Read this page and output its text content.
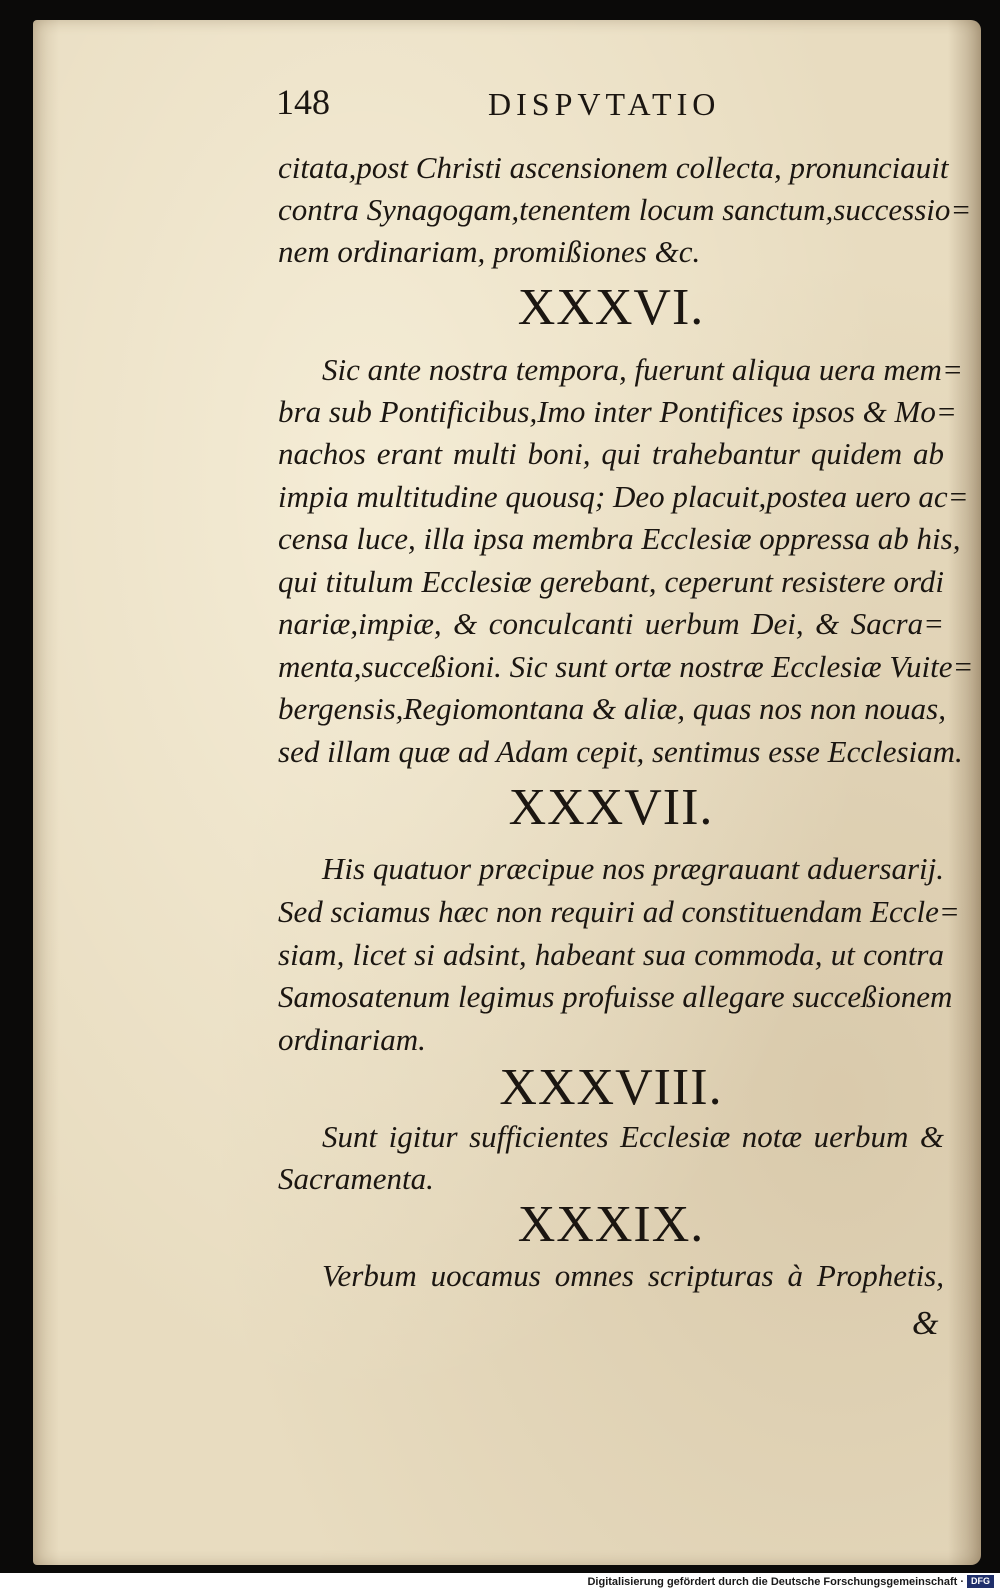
148	DISPVTATIO
citata,post Christi ascensionem collecta, pronunciauit
contra Synagogam,tenentem locum sanctum,successio=
nem ordinariam, promißiones &c.
XXXVI.
Sic ante nostra tempora, fuerunt aliqua uera mem=
bra sub Pontificibus,Imo inter Pontifices ipsos & Mo=
nachos erant multi boni, qui trahebantur quidem ab
impia multitudine quousq; Deo placuit,postea uero ac=
censa luce, illa ipsa membra Ecclesiæ oppressa ab his,
qui titulum Ecclesiæ gerebant, ceperunt resistere ordi
nariæ,impiæ, & conculcanti uerbum Dei, & Sacra=
menta,succeßioni. Sic sunt ortæ nostræ Ecclesiæ Vuite=
bergensis,Regiomontana & aliæ, quas nos non nouas,
sed illam quæ ad Adam cepit, sentimus esse Ecclesiam.
XXXVII.
His quatuor præcipue nos prægrauant aduersarij.
Sed sciamus hæc non requiri ad constituendam Eccle=
siam, licet si adsint, habeant sua commoda, ut contra
Samosatenum legimus profuisse allegare succeßionem
ordinariam.
XXXVIII.
Sunt igitur sufficientes Ecclesiæ notæ uerbum &
Sacramenta.
XXXIX.
Verbum uocamus omnes scripturas à Prophetis,
&
Digitalisierung gefördert durch die Deutsche Forschungsgemeinschaft · DFG
